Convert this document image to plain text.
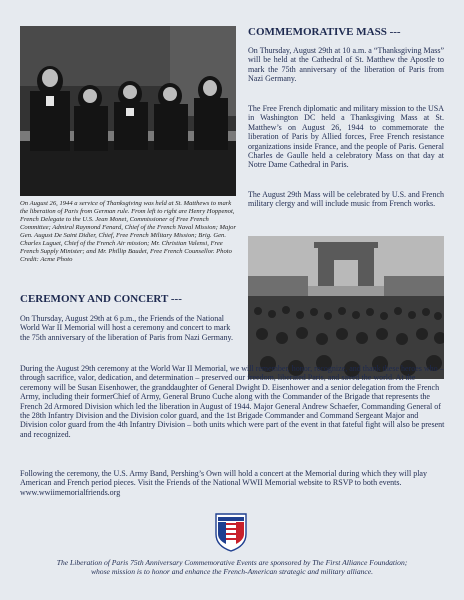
On August 26, 1944 a service of Thanksgiving was held at St. Matthews to mark the liberation of Paris from German rule. From left to right are Henry Hoppenot, French Delegate to the U.S. Jean Monet, Commissioner of Free French Committee; Admiral Raymond Fenard, Chief of the French Naval Mission; Major Gen. August De Saint Didier, Chief, Free French Military Mission; Brig. Gen. Charles Luguet, Chief of the French Air mission; Mr. Christian Valensi, Free French Supply Minister; and Mr. Phillip Baudet, Free French Counsellor. Photo Credit: Acme Photo
COMMEMORATIVE MASS ---
On Thursday, August 29th at 10 a.m. a “Thanksgiving Mass” will be held at the Cathedral of St. Matthew the Apostle to mark the 75th anniversary of the liberation of Paris from Nazi Germany.
The Free French diplomatic and military mission to the USA in Washington DC held a Thanksgiving Mass at St. Matthew’s on August 26, 1944 to commemorate the liberation of Paris by Allied forces, Free French resistance organizations inside France, and the people of Paris. General Charles de Gaulle held a celebratory Mass on that day at Notre Dame Cathedral in Paris.
The August 29th Mass will be celebrated by U.S. and French military clergy and will include music from French works.
CEREMONY AND CONCERT ---
On Thursday, August 29th at 6 p.m., the Friends of the National World War II Memorial will host a ceremony and concert to mark the 75th anniversary of the liberation of Paris from Nazi Germany.
During the August 29th ceremony at the World War II Memorial, we will remember, honor, recognize, and thank these heroes who – through sacrifice, valor, dedication, and determination – preserved our freedom, liberated Paris, and saved the world. At the ceremony will be Susan Eisenhower, the granddaughter of General Dwight D. Eisenhower and a senior delegation from the French Army, including their formerChief of Army, General Bruno Cuche along with the Commander of the Brigade that represents the French 2d Armored Division which led the liberation in August of 1944. Major General Andrew Schaefer, Commanding General of the 28th Infantry Division and the Division color guard, and the 1st Brigade Commander and Command Sergeant Major and Division color guard from the 4th Infantry Division – both units which were part of the event in that fateful fight will also be present and recognized.
Following the ceremony, the U.S. Army Band, Pershing’s Own will hold a concert at the Memorial during which they will play American and French period pieces. Visit the Friends of the National WWII Memorial website to RSVP to both events. www.wwiimemorialfriends.org
The Liberation of Paris 75th Anniversary Commemorative Events are sponsored by The First Alliance Foundation;
whose mission is to honor and enhance the French-American strategic and military alliance.
